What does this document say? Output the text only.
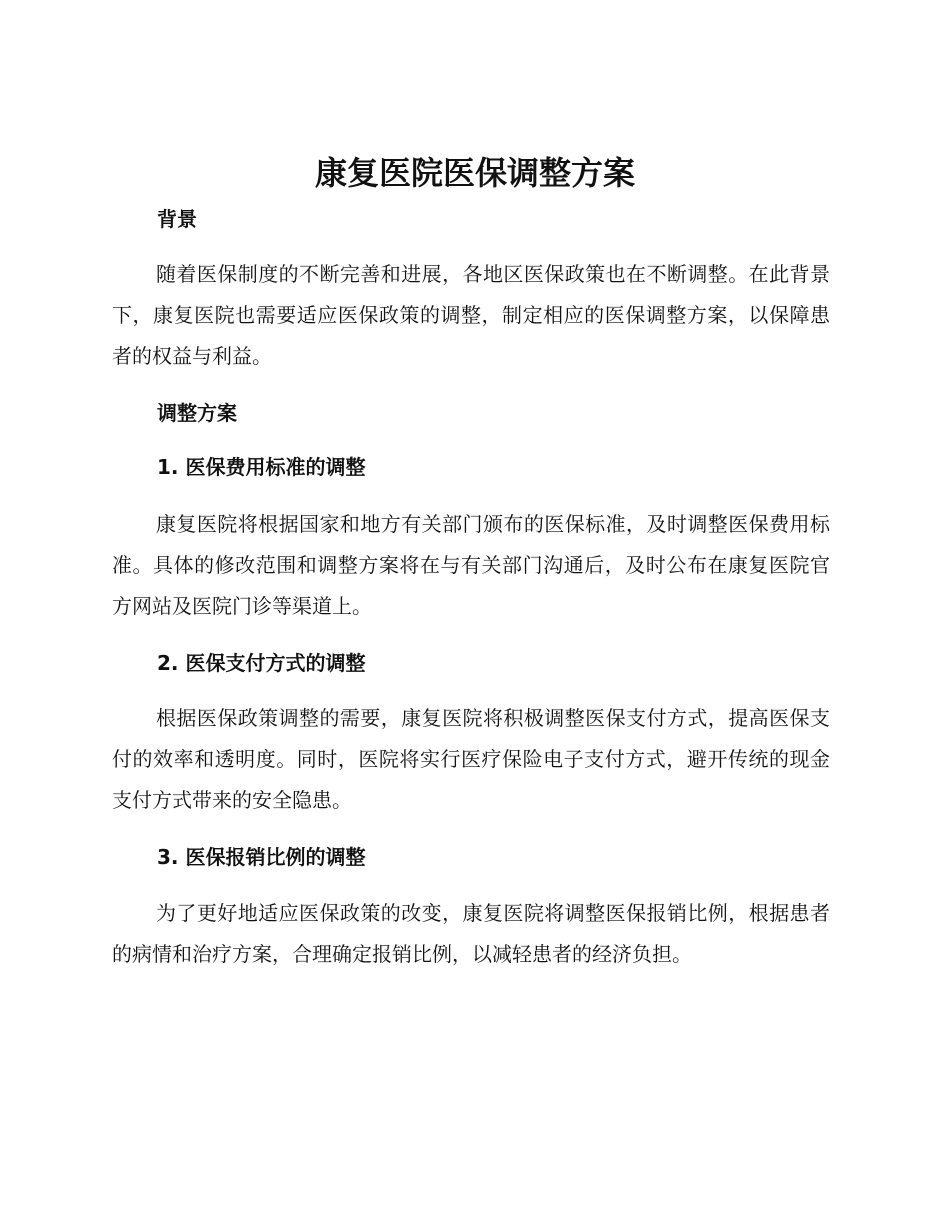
康复医院医保调整方案
背景

随着医保制度的不断完善和进展，各地区医保政策也在不断调整。在此背景下，康复医院也需要适应医保政策的调整，制定相应的医保调整方案，以保障患者的权益与利益。

调整方案
1. 医保费用标准的调整

康复医院将根据国家和地方有关部门颁布的医保标准，及时调整医保费用标准。具体的修改范围和调整方案将在与有关部门沟通后，及时公布在康复医院官方网站及医院门诊等渠道上。

2. 医保支付方式的调整

根据医保政策调整的需要，康复医院将积极调整医保支付方式，提高医保支付的效率和透明度。同时，医院将实行医疗保险电子支付方式，避开传统的现金支付方式带来的安全隐患。

3. 医保报销比例的调整

为了更好地适应医保政策的改变，康复医院将调整医保报销比例，根据患者的病情和治疗方案，合理确定报销比例，以减轻患者的经济负担。
